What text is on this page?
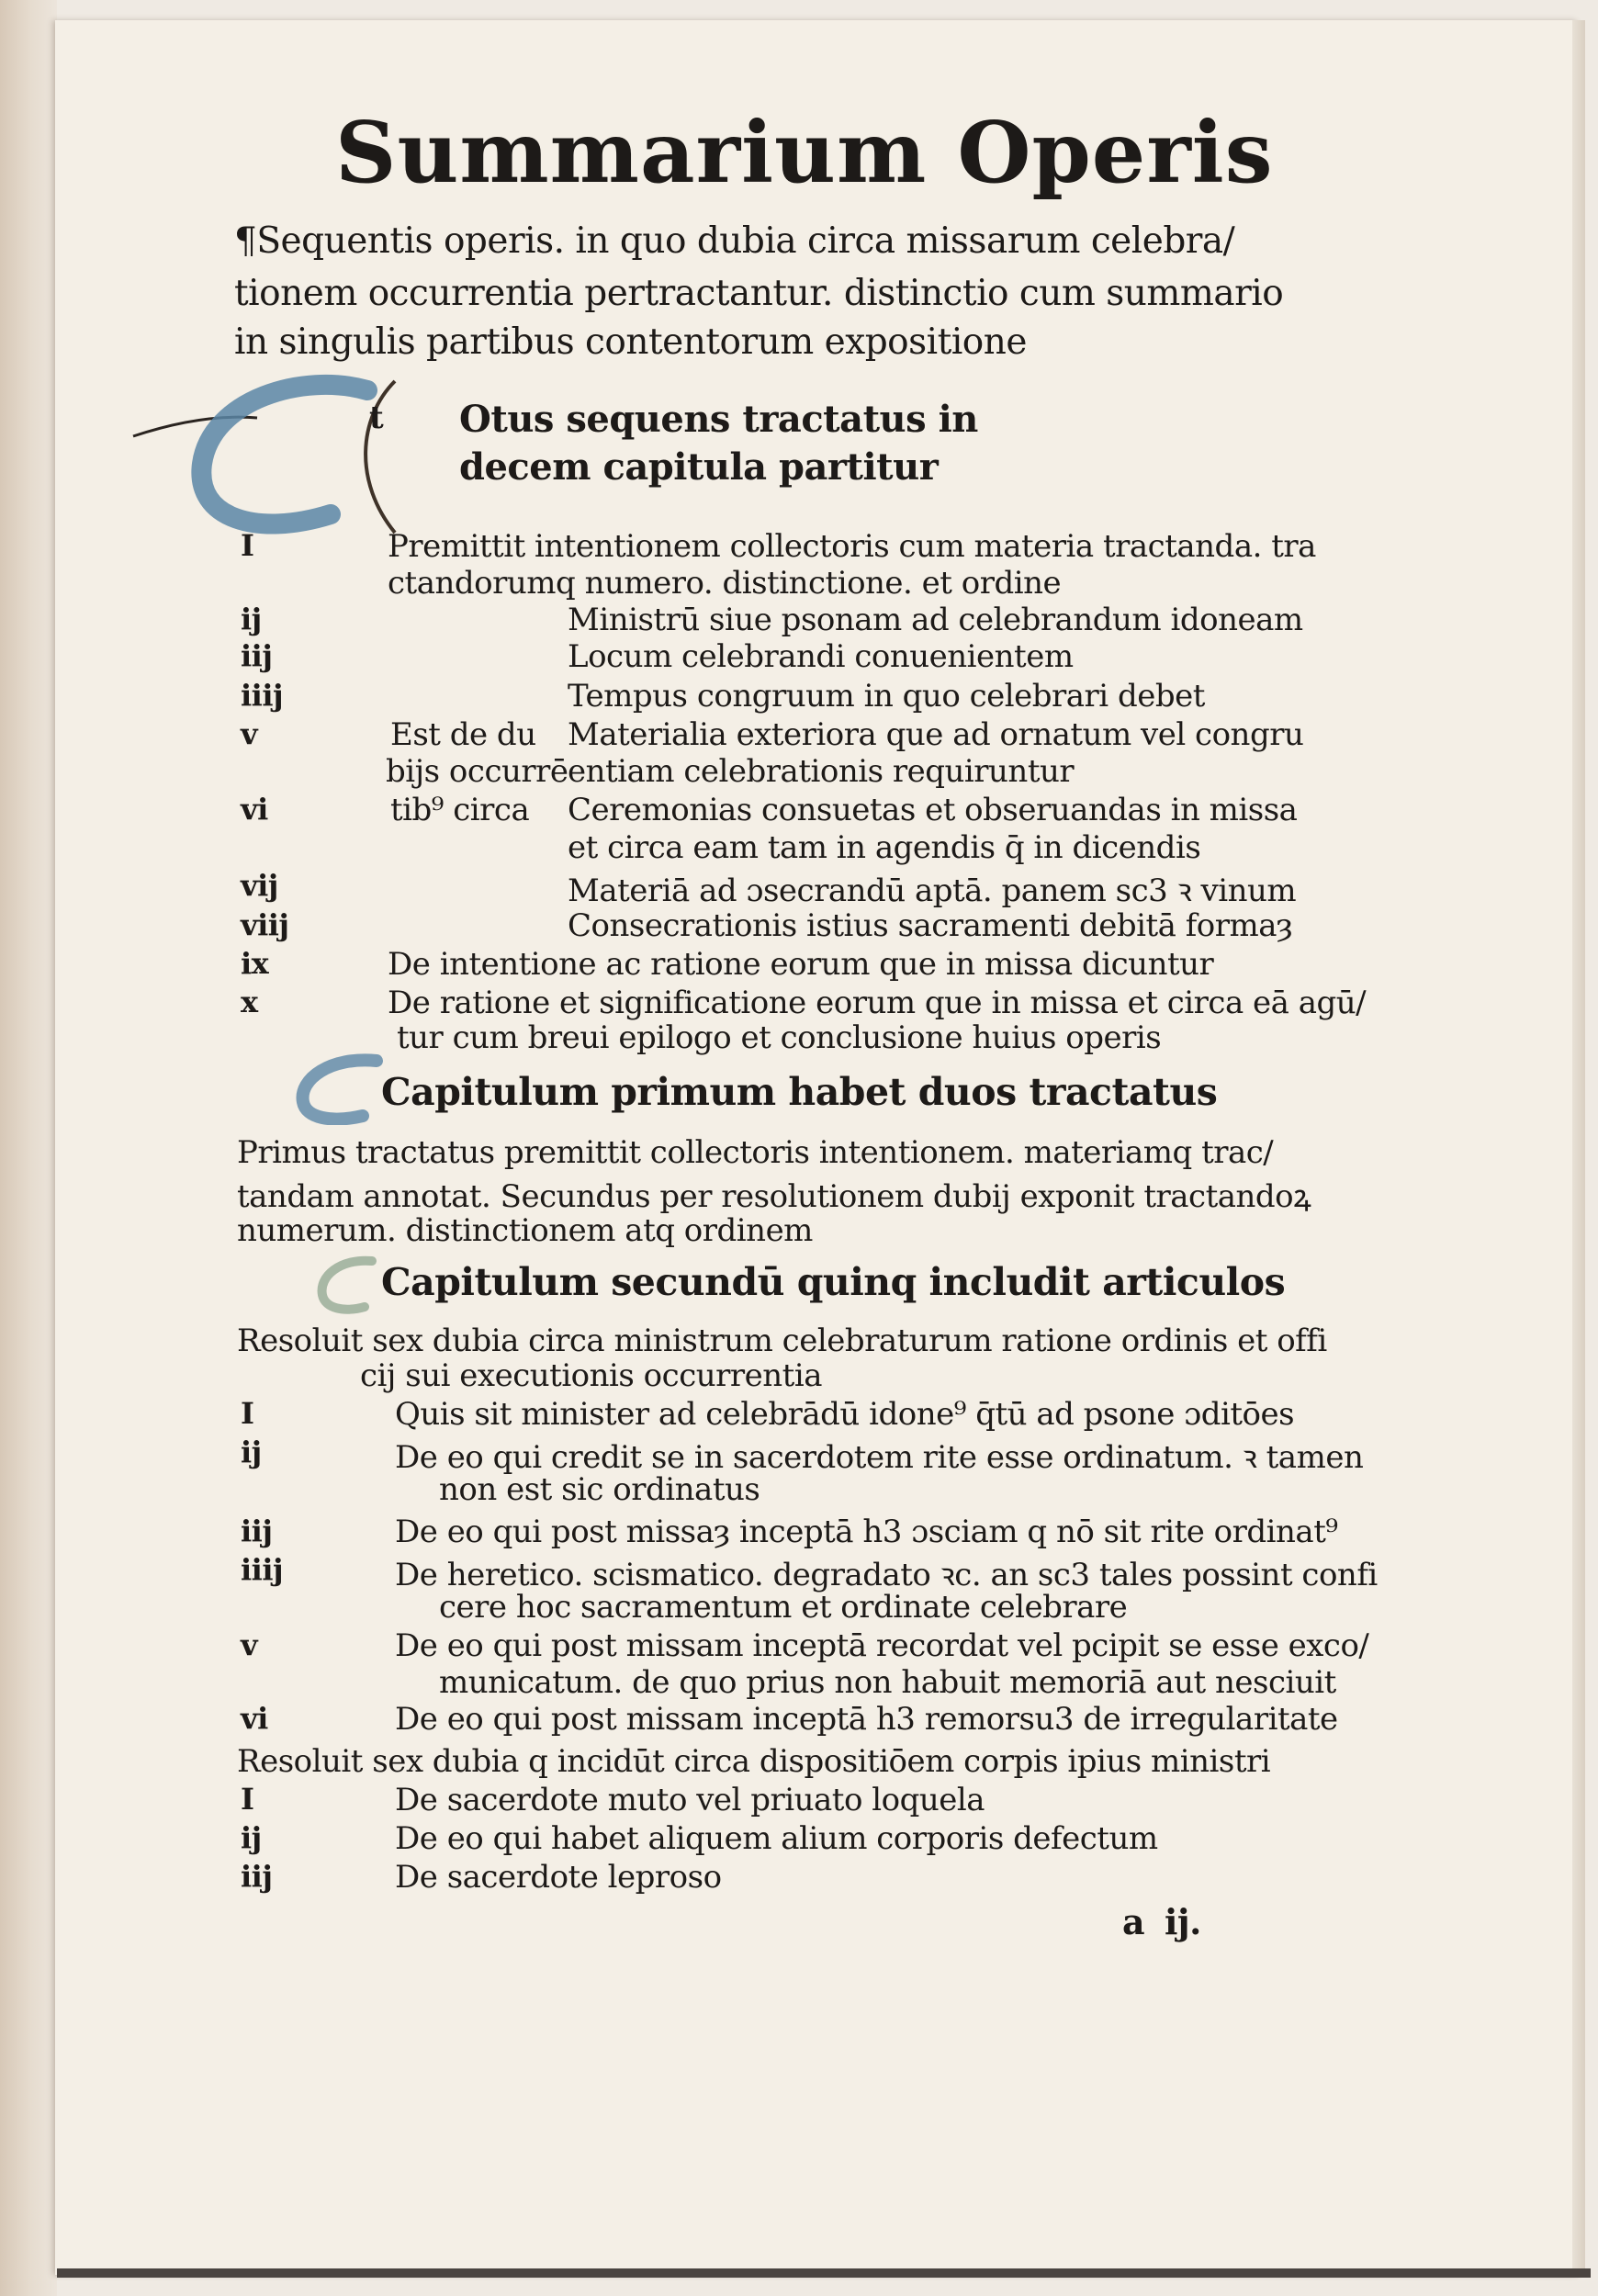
Summarium Operis
¶Sequentis operis. in quo dubia circa missarum celebra/
tionem occurrentia pertractantur. distinctio cum summario
in singulis partibus contentorum expositione
t Otus sequens tractatus in
decem capitula partitur
I
ij
iij
iiij
v
vi
vij
viij
ix
x
Est de du
bijs occurrē
tib⁹ circa
Premittit intentionem collectoris cum materia tractanda. tra
ctandorumq numero. distinctione. et ordine
Ministrū siue psonam ad celebrandum idoneam
Locum celebrandi conuenientem
Tempus congruum in quo celebrari debet
Materialia exteriora que ad ornatum vel congru
entiam celebrationis requiruntur
Ceremonias consuetas et obseruandas in missa
et circa eam tam in agendis q̄ in dicendis
Materiā ad ɔsecrandū aptā. panem sc3 ꝛ vinum
Consecrationis istius sacramenti debitā formaȝ
De intentione ac ratione eorum que in missa dicuntur
De ratione et significatione eorum que in missa et circa eā agū/
tur cum breui epilogo et conclusione huius operis
Capitulum primum habet duos tractatus
Primus tractatus premittit collectoris intentionem. materiamq trac/
tandam annotat. Secundus per resolutionem dubij exponit tractandoꝝ
numerum. distinctionem atq ordinem
Capitulum secundū quinq includit articulos
Resoluit sex dubia circa ministrum celebraturum ratione ordinis et offi
cij sui executionis occurrentia
I
ij
iij
iiij
v
vi
Quis sit minister ad celebrādū idone⁹ q̄tū ad psone ɔditōes
De eo qui credit se in sacerdotem rite esse ordinatum. ꝛ tamen
non est sic ordinatus
De eo qui post missaȝ inceptā h3 ɔsciam q nō sit rite ordinat⁹
De heretico. scismatico. degradato ꝛc. an sc3 tales possint confi
cere hoc sacramentum et ordinate celebrare
De eo qui post missam inceptā recordat vel pcipit se esse exco/
municatum. de quo prius non habuit memoriā aut nesciuit
De eo qui post missam inceptā h3 remorsu3 de irregularitate
Resoluit sex dubia q incidūt circa dispositiōem corpis ipius ministri
I
ij
iij
De sacerdote muto vel priuato loquela
De eo qui habet aliquem alium corporis defectum
De sacerdote leproso
a ij.
